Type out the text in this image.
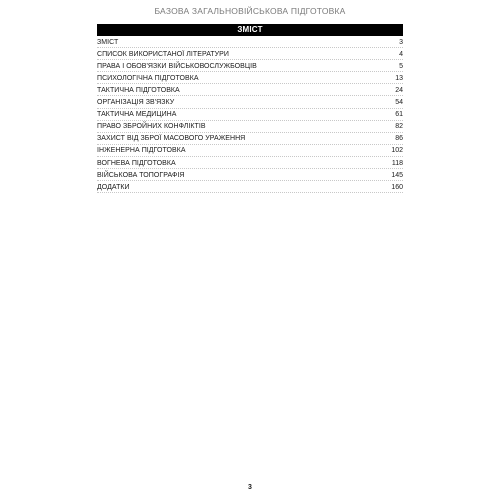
БАЗОВА ЗАГАЛЬНОВІЙСЬКОВА ПІДГОТОВКА
ЗМІСТ
ЗМІСТ	3
СПИСОК ВИКОРИСТАНОЇ ЛІТЕРАТУРИ	4
ПРАВА І ОБОВ'ЯЗКИ ВІЙСЬКОВОСЛУЖБОВЦІВ	5
ПСИХОЛОГІЧНА ПІДГОТОВКА	13
ТАКТИЧНА ПІДГОТОВКА	24
ОРГАНІЗАЦІЯ ЗВ'ЯЗКУ	54
ТАКТИЧНА МЕДИЦИНА	61
ПРАВО ЗБРОЙНИХ КОНФЛІКТІВ	82
ЗАХИСТ ВІД ЗБРОЇ МАСОВОГО УРАЖЕННЯ	86
ІНЖЕНЕРНА ПІДГОТОВКА	102
ВОГНЕВА ПІДГОТОВКА	118
ВІЙСЬКОВА ТОПОГРАФІЯ	145
ДОДАТКИ	160
3
